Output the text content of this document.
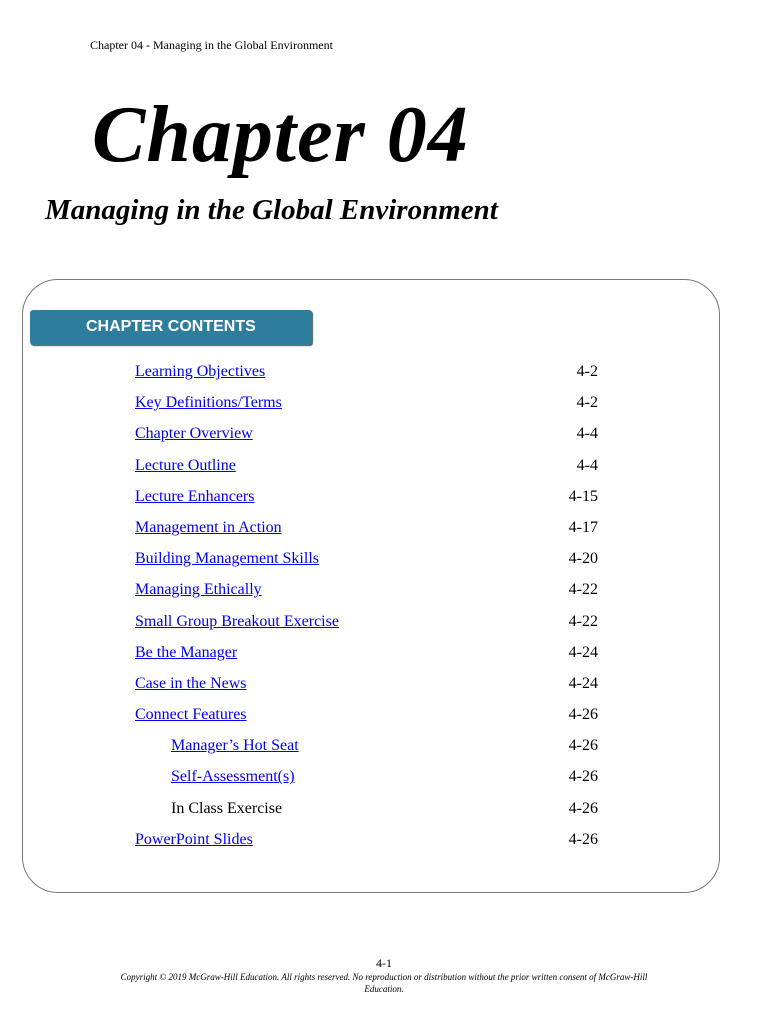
Chapter 04 - Managing in the Global Environment
Chapter 04
Managing in the Global Environment
CHAPTER CONTENTS
Learning Objectives	4-2
Key Definitions/Terms	4-2
Chapter Overview	4-4
Lecture Outline	4-4
Lecture Enhancers	4-15
Management in Action	4-17
Building Management Skills	4-20
Managing Ethically	4-22
Small Group Breakout Exercise	4-22
Be the Manager	4-24
Case in the News	4-24
Connect Features	4-26
Manager’s Hot Seat	4-26
Self-Assessment(s)	4-26
In Class Exercise	4-26
PowerPoint Slides	4-26
4-1
Copyright © 2019 McGraw-Hill Education. All rights reserved. No reproduction or distribution without the prior written consent of McGraw-Hill Education.
